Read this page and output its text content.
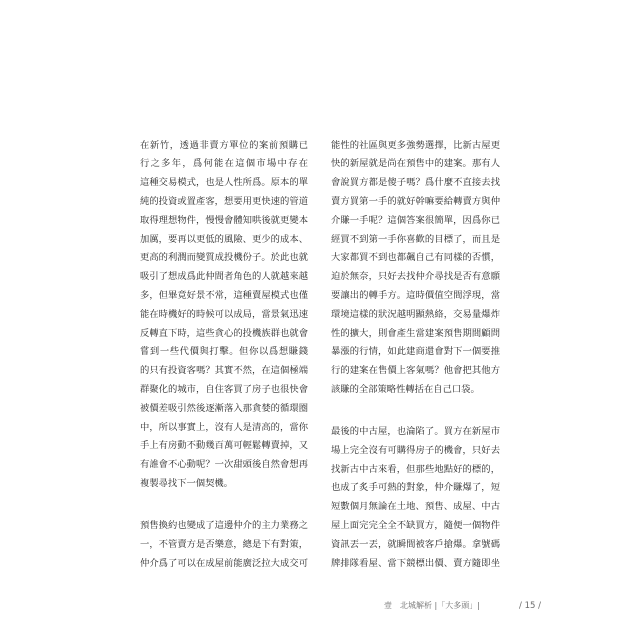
在新竹，透過非賣方單位的案前預購已
行之多年，爲何能在這個市場中存在
這種交易模式，也是人性所爲。原本的單
純的投資或置產客，想要用更快速的管道
取得理想物件，慢慢會體知哄後就更變本
加厲，要再以更低的風險、更少的成本、
更高的利潤而變質成投機份子。於此也就
吸引了想成爲此仲間者角色的人就越來越
多，但畢竟好景不常，這種賣屋模式也僅
能在時機好的時候可以成局，當景氣迅速
反轉直下時，這些貪心的投機族群也就會
嘗到一些代價與打擊。但你以爲想賺錢
的只有投資客嗎？其實不然，在這個極端
群聚化的城市，自住客買了房子也很快會
被價差吸引然後逐漸落入那貪婪的循環圈
中，所以事實上，沒有人是清高的，當你
手上有房動不動幾百萬可輕鬆轉賣掉，又
有誰會不心動呢？一次甜頭後自然會想再
複製尋找下一個契機。
預售換約也變成了這邊仲介的主力業務之
一，不管賣方是否樂意，總是下有對策，
仲介爲了可以在成屋前能廣泛拉大成交可
能性的社區與更多強勢選擇，比新古屋更
快的新屋就是尚在預售中的建案。那有人
會說買方都是傻子嗎？爲什麼不直接去找
賣方買第一手的就好幹嘛要給轉賣方與仲
介賺一手呢？這個答案很簡單，因爲你已
經買不到第一手你喜歡的目標了，而且是
大家都買不到也都飆自己有同樣的否慣，
迫於無奈，只好去找仲介尋找是否有意願
要讓出的轉手方。這時價值空間浮現，當
環境這樣的狀況越明顯熱絡，交易量爆炸
性的擴大，則會產生當建案預售期間顧問
暴漲的行情，如此建商還會對下一個要推
行的建案在售價上客氣嗎？他會把其他方
該賺的全部策略性轉括在自己口袋。
最後的中古屋，也淪陷了。買方在新屋市
場上完全沒有可購得房子的機會，只好去
找新古中古來看，但那些地點好的標的，
也成了炙手可熱的對象，仲介賺爆了，短
短數個月無論在土地、預售、成屋、中古
屋上面完完全全不缺買方，隨便一個物件
資訊丟一丟，就瞬間被客戶搶爆。拿號碼
牌排隊看屋、當下競標出價、賣方隨即坐
壹　北城解析 |「大多頭」|	/ 15 /
